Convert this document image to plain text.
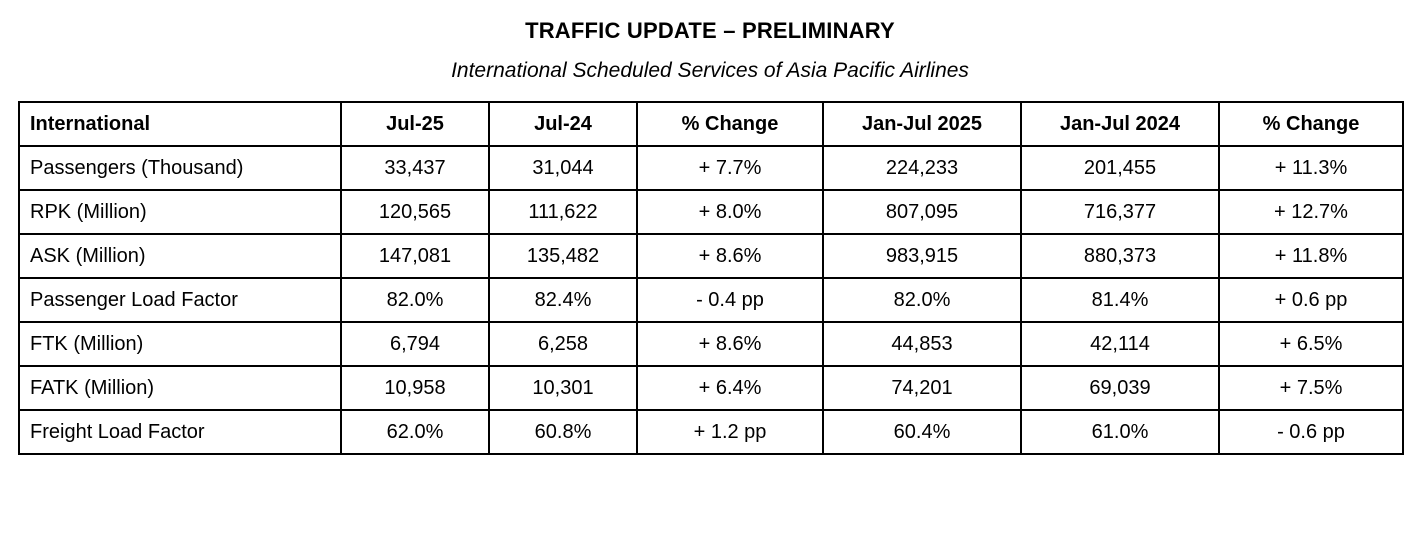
TRAFFIC UPDATE – PRELIMINARY
International Scheduled Services of Asia Pacific Airlines
International	Jul-25	Jul-24	% Change	Jan-Jul 2025	Jan-Jul 2024	% Change
Passengers (Thousand)	33,437	31,044	+ 7.7%	224,233	201,455	+ 11.3%
RPK (Million)	120,565	111,622	+ 8.0%	807,095	716,377	+ 12.7%
ASK (Million)	147,081	135,482	+ 8.6%	983,915	880,373	+ 11.8%
Passenger Load Factor	82.0%	82.4%	- 0.4 pp	82.0%	81.4%	+ 0.6 pp
FTK (Million)	6,794	6,258	+ 8.6%	44,853	42,114	+ 6.5%
FATK (Million)	10,958	10,301	+ 6.4%	74,201	69,039	+ 7.5%
Freight Load Factor	62.0%	60.8%	+ 1.2 pp	60.4%	61.0%	- 0.6 pp
